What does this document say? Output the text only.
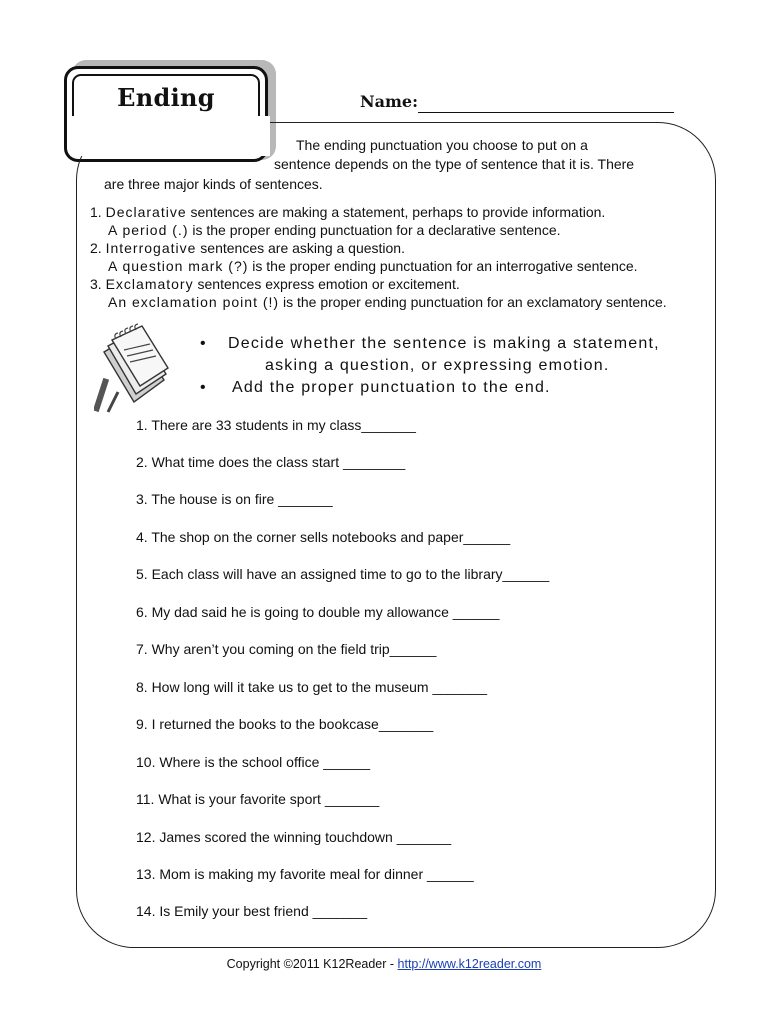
Ending	Name:
The ending punctuation you choose to put on a
sentence depends on the type of sentence that it is. There
are three major kinds of sentences.
1. Declarative sentences are making a statement, perhaps to provide information.
A period (.) is the proper ending punctuation for a declarative sentence.
2. Interrogative sentences are asking a question.
A question mark (?) is the proper ending punctuation for an interrogative sentence.
3. Exclamatory sentences express emotion or excitement.
An exclamation point (!) is the proper ending punctuation for an exclamatory sentence.
• Decide whether the sentence is making a statement,
asking a question, or expressing emotion.
• Add the proper punctuation to the end.
1. There are 33 students in my class_______
2. What time does the class start ________
3. The house is on fire _______
4. The shop on the corner sells notebooks and paper______
5. Each class will have an assigned time to go to the library______
6. My dad said he is going to double my allowance ______
7. Why aren’t you coming on the field trip______
8. How long will it take us to get to the museum _______
9. I returned the books to the bookcase_______
10. Where is the school office ______
11. What is your favorite sport _______
12. James scored the winning touchdown _______
13. Mom is making my favorite meal for dinner ______
14. Is Emily your best friend _______
Copyright ©2011 K12Reader - http://www.k12reader.com
